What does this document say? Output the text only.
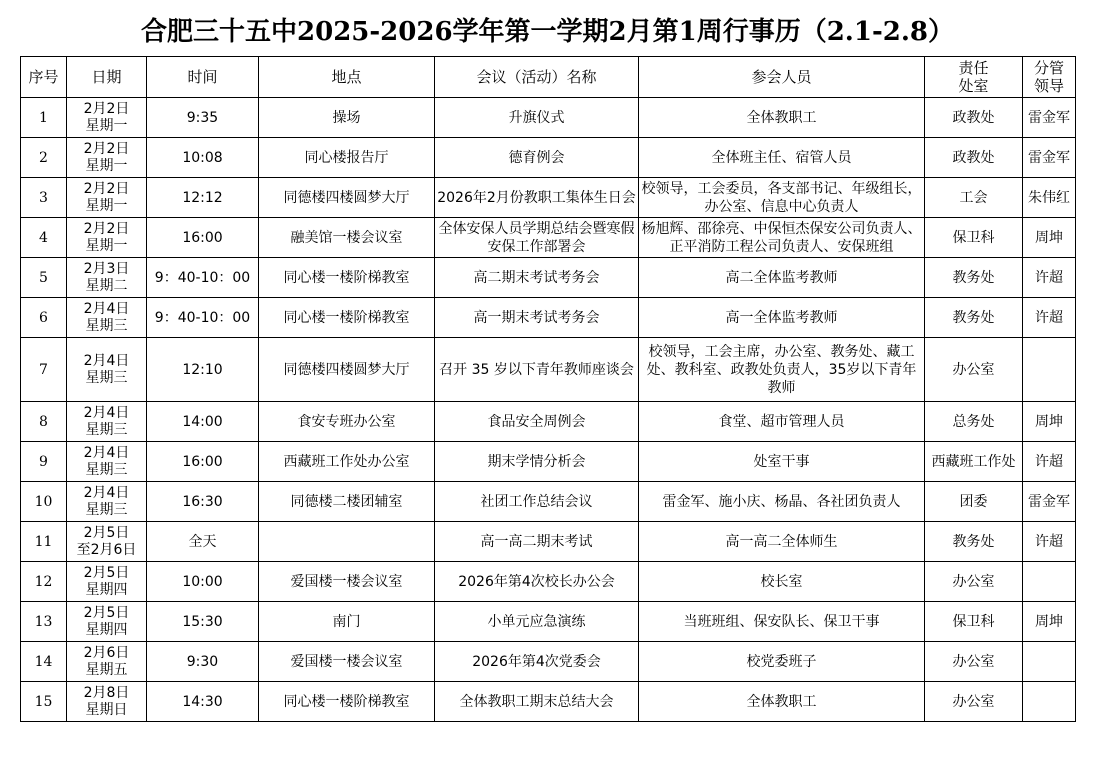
合肥三十五中2025-2026学年第一学期2月第1周行事历（2.1-2.8）
序号	日期	时间	地点	会议（活动）名称	参会人员	责任
处室	分管
领导
1	2月2日
星期一	9:35	操场	升旗仪式	全体教职工	政教处	雷金军
2	2月2日
星期一	10:08	同心楼报告厅	德育例会	全体班主任、宿管人员	政教处	雷金军
3	2月2日
星期一	12:12	同德楼四楼圆梦大厅	2026年2月份教职工集体生日会	校领导，工会委员，各支部书记、年级组长，办公室、信息中心负责人	工会	朱伟红
4	2月2日
星期一	16:00	融美馆一楼会议室	全体安保人员学期总结会暨寒假安保工作部署会	杨旭辉、邵徐亮、中保恒杰保安公司负责人、正平消防工程公司负责人、安保班组	保卫科	周坤
5	2月3日
星期二	9：40-10：00	同心楼一楼阶梯教室	高二期末考试考务会	高二全体监考教师	教务处	许超
6	2月4日
星期三	9：40-10：00	同心楼一楼阶梯教室	高一期末考试考务会	高一全体监考教师	教务处	许超
7	2月4日
星期三	12:10	同德楼四楼圆梦大厅	召开 35 岁以下青年教师座谈会	校领导，工会主席，办公室、教务处、藏工处、教科室、政教处负责人，35岁以下青年教师	办公室	
8	2月4日
星期三	14:00	食安专班办公室	食品安全周例会	食堂、超市管理人员	总务处	周坤
9	2月4日
星期三	16:00	西藏班工作处办公室	期末学情分析会	处室干事	西藏班工作处	许超
10	2月4日
星期三	16:30	同德楼二楼团辅室	社团工作总结会议	雷金军、施小庆、杨晶、各社团负责人	团委	雷金军
11	2月5日
至2月6日	全天		高一高二期末考试	高一高二全体师生	教务处	许超
12	2月5日
星期四	10:00	爱国楼一楼会议室	2026年第4次校长办公会	校长室	办公室	
13	2月5日
星期四	15:30	南门	小单元应急演练	当班班组、保安队长、保卫干事	保卫科	周坤
14	2月6日
星期五	9:30	爱国楼一楼会议室	2026年第4次党委会	校党委班子	办公室	
15	2月8日
星期日	14:30	同心楼一楼阶梯教室	全体教职工期末总结大会	全体教职工	办公室	
